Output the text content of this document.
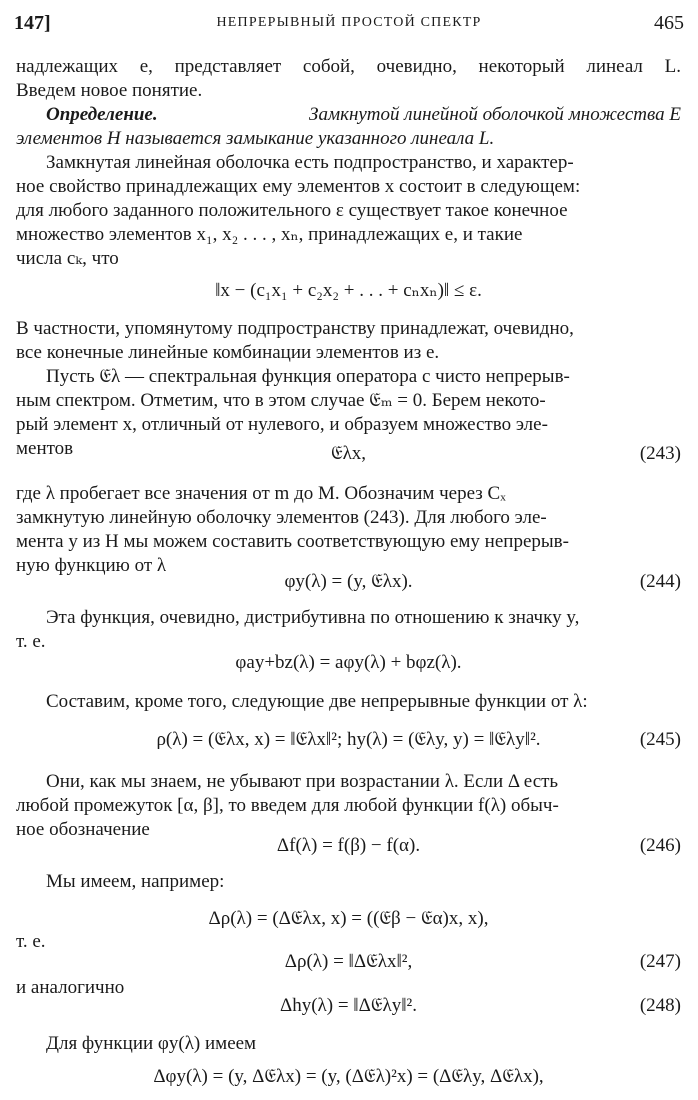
147]	НЕПРЕРЫВНЫЙ ПРОСТОЙ СПЕКТР	465
надлежащих e, представляет собой, очевидно, некоторый линеал L.
Введем новое понятие.
Определение.	Замкнутой линейной оболочкой множества E
элементов H называется замыкание указанного линеала L.
Замкнутая линейная оболочка есть подпространство, и характер-
ное свойство принадлежащих ему элементов x состоит в следующем:
для любого заданного положительного ε существует такое конечное
множество элементов x₁, x₂ . . . , xₙ, принадлежащих e, и такие
числа cₖ, что
‖x − (c₁x₁ + c₂x₂ + . . . + cₙxₙ)‖ ≤ ε.
В частности, упомянутому подпространству принадлежат, очевидно,
все конечные линейные комбинации элементов из e.
Пусть 𝔈λ — спектральная функция оператора с чисто непрерыв-
ным спектром. Отметим, что в этом случае 𝔈ₘ = 0. Берем некото-
рый элемент x, отличный от нулевого, и образуем множество эле-
ментов	𝔈λx,	(243)
где λ пробегает все значения от m до M. Обозначим через Cₓ
замкнутую линейную оболочку элементов (243). Для любого эле-
мента y из H мы можем составить соответствующую ему непрерыв-
ную функцию от λ
φy(λ) = (y, 𝔈λx).	(244)
Эта функция, очевидно, дистрибутивна по отношению к значку y,
т. е.
φay+bz(λ) = aφy(λ) + bφz(λ).
Составим, кроме того, следующие две непрерывные функции от λ:
ρ(λ) = (𝔈λx, x) = ‖𝔈λx‖²; hy(λ) = (𝔈λy, y) = ‖𝔈λy‖².	(245)
Они, как мы знаем, не убывают при возрастании λ. Если Δ есть
любой промежуток [α, β], то введем для любой функции f(λ) обыч-
ное обозначение
Δf(λ) = f(β) − f(α).	(246)
Мы имеем, например:
Δρ(λ) = (Δ𝔈λx, x) = ((𝔈β − 𝔈α)x, x),
т. е.
Δρ(λ) = ‖Δ𝔈λx‖²,	(247)
и аналогично
Δhy(λ) = ‖Δ𝔈λy‖².	(248)
Для функции φy(λ) имеем
Δφy(λ) = (y, Δ𝔈λx) = (y, (Δ𝔈λ)²x) = (Δ𝔈λy, Δ𝔈λx),
